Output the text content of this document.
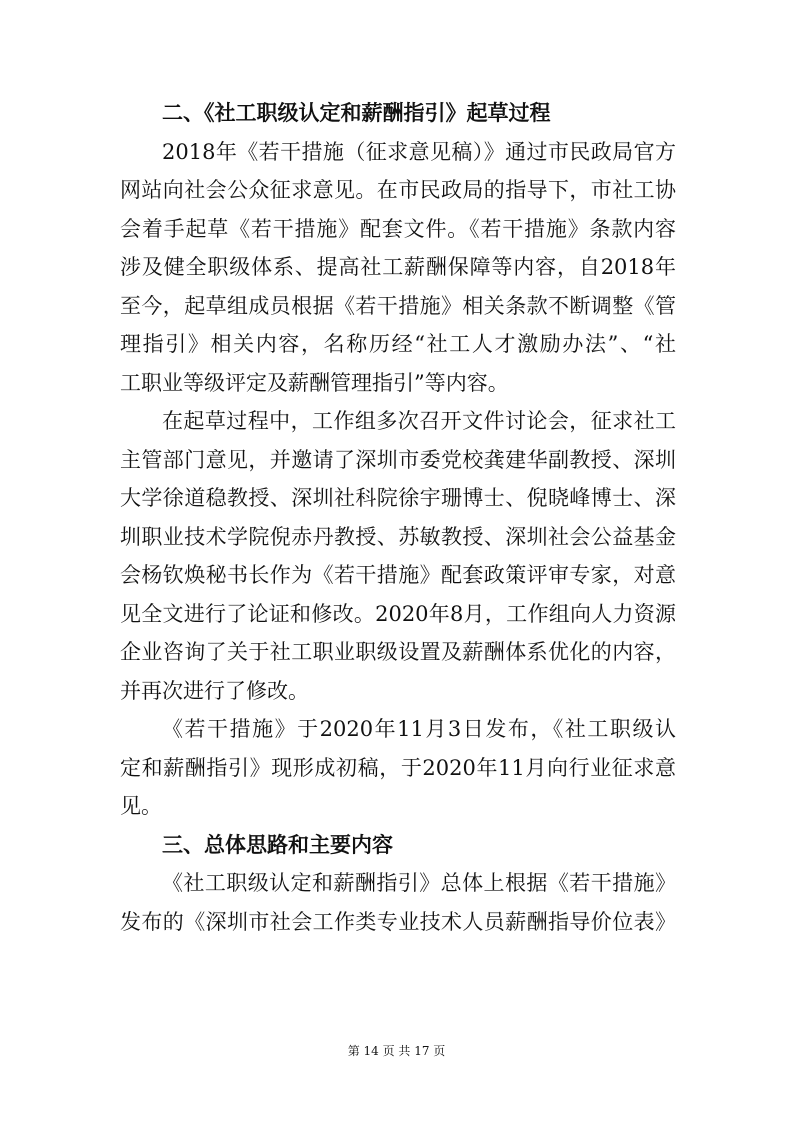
二、《社工职级认定和薪酬指引》起草过程
2018年《若干措施（征求意见稿）》通过市民政局官方
网站向社会公众征求意见。在市民政局的指导下，市社工协
会着手起草《若干措施》配套文件。《若干措施》条款内容
涉及健全职级体系、提高社工薪酬保障等内容，自2018年
至今，起草组成员根据《若干措施》相关条款不断调整《管
理指引》相关内容，名称历经“社工人才激励办法”、“社
工职业等级评定及薪酬管理指引”等内容。
在起草过程中，工作组多次召开文件讨论会，征求社工
主管部门意见，并邀请了深圳市委党校龚建华副教授、深圳
大学徐道稳教授、深圳社科院徐宇珊博士、倪晓峰博士、深
圳职业技术学院倪赤丹教授、苏敏教授、深圳社会公益基金
会杨钦焕秘书长作为《若干措施》配套政策评审专家，对意
见全文进行了论证和修改。2020年8月，工作组向人力资源
企业咨询了关于社工职业职级设置及薪酬体系优化的内容，
并再次进行了修改。
《若干措施》于2020年11月3日发布，《社工职级认
定和薪酬指引》现形成初稿，于2020年11月向行业征求意
见。
三、总体思路和主要内容
《社工职级认定和薪酬指引》总体上根据《若干措施》
发布的《深圳市社会工作类专业技术人员薪酬指导价位表》
第 14 页 共 17 页
